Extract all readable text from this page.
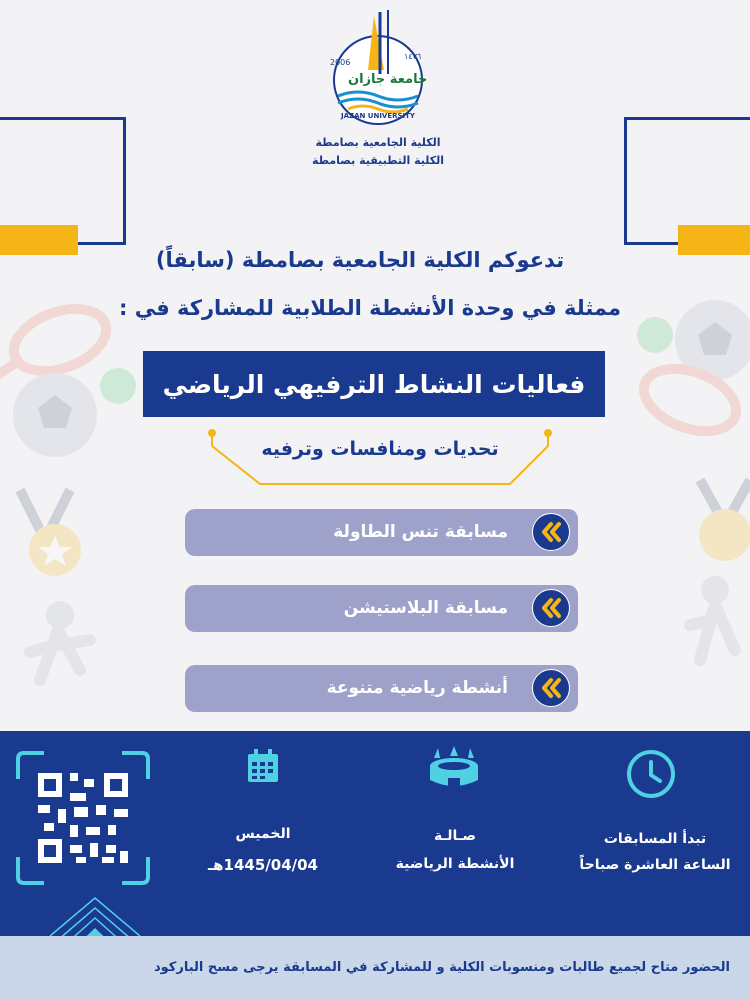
١٤٣٦
2006
جامعة جازان
JAZAN UNIVERSITY
الكلية الجامعية بصامطة
الكلية التطبيقية بصامطة
تدعوكم الكلية الجامعية بصامطة (سابقاً)
ممثلة في وحدة الأنشطة الطلابية للمشاركة في :
فعاليات النشاط الترفيهي الرياضي
تحديات ومنافسات وترفيه
مسابقة تنس الطاولة
مسابقة البلاستيشن
أنشطة رياضية متنوعة
الخميس
1445/04/04هـ
صـالـة
الأنشطة الرياضية
تبدأ المسابقات
الساعة العاشرة صباحاً
الحضور متاح لجميع طالبات ومنسوبات الكلية و للمشاركة في المسابقة يرجى مسح الباركود
